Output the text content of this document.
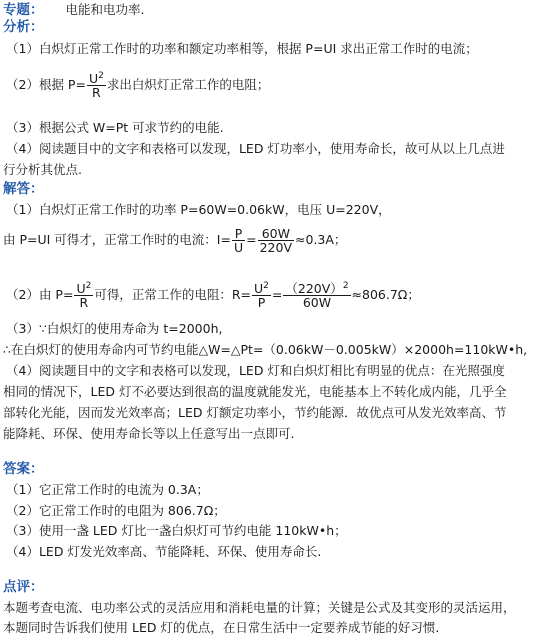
专题： 电能和电功率.
分析：
（1）白炽灯正常工作时的功率和额定功率相等，根据 P=UI 求出正常工作时的电流；
（2）根据 $P= \frac{U^2}{R}$ 求出白炽灯正常工作的电阻；
（3）根据公式 W=Pt 可求节约的电能.
（4）阅读题目中的文字和表格可以发现，LED 灯功率小，使用寿命长，故可从以上几点进
行分析其优点.
解答：
（1）白炽灯正常工作时的功率 P=60W=0.06kW，电压 U=220V，
由 P=UI 可得才，正常工作时的电流：$I= \frac{P}{U} = \frac{60W}{220V} \approx 0.3A$；
（2）由 $P= \frac{U^2}{R}$ 可得，正常工作的电阻：$R= \frac{U^2}{P} = \frac{(220V)^2}{60W} \approx 806.7\Omega$；
（3）∵白炽灯的使用寿命为 t=2000h,
∴在白炽灯的使用寿命内可节约电能△W=△Pt=（0.06kW－0.005kW）×2000h=110kW•h,
（4）阅读题目中的文字和表格可以发现，LED 灯和白炽灯相比有明显的优点：在光照强度
相同的情况下，LED 灯不必要达到很高的温度就能发光，电能基本上不转化成内能，几乎全
部转化光能，因而发光效率高；LED 灯额定功率小，节约能源．故优点可从发光效率高、节
能降耗、环保、使用寿命长等以上任意写出一点即可.
答案：
（1）它正常工作时的电流为 0.3A；
（2）它正常工作时的电阻为 806.7Ω；
（3）使用一盏 LED 灯比一盏白炽灯可节约电能 110kW•h；
（4）LED 灯发光效率高、节能降耗、环保、使用寿命长.
点评：
本题考查电流、电功率公式的灵活应用和消耗电量的计算；关键是公式及其变形的灵活运用，
本题同时告诉我们使用 LED 灯的优点，在日常生活中一定要养成节能的好习惯.
